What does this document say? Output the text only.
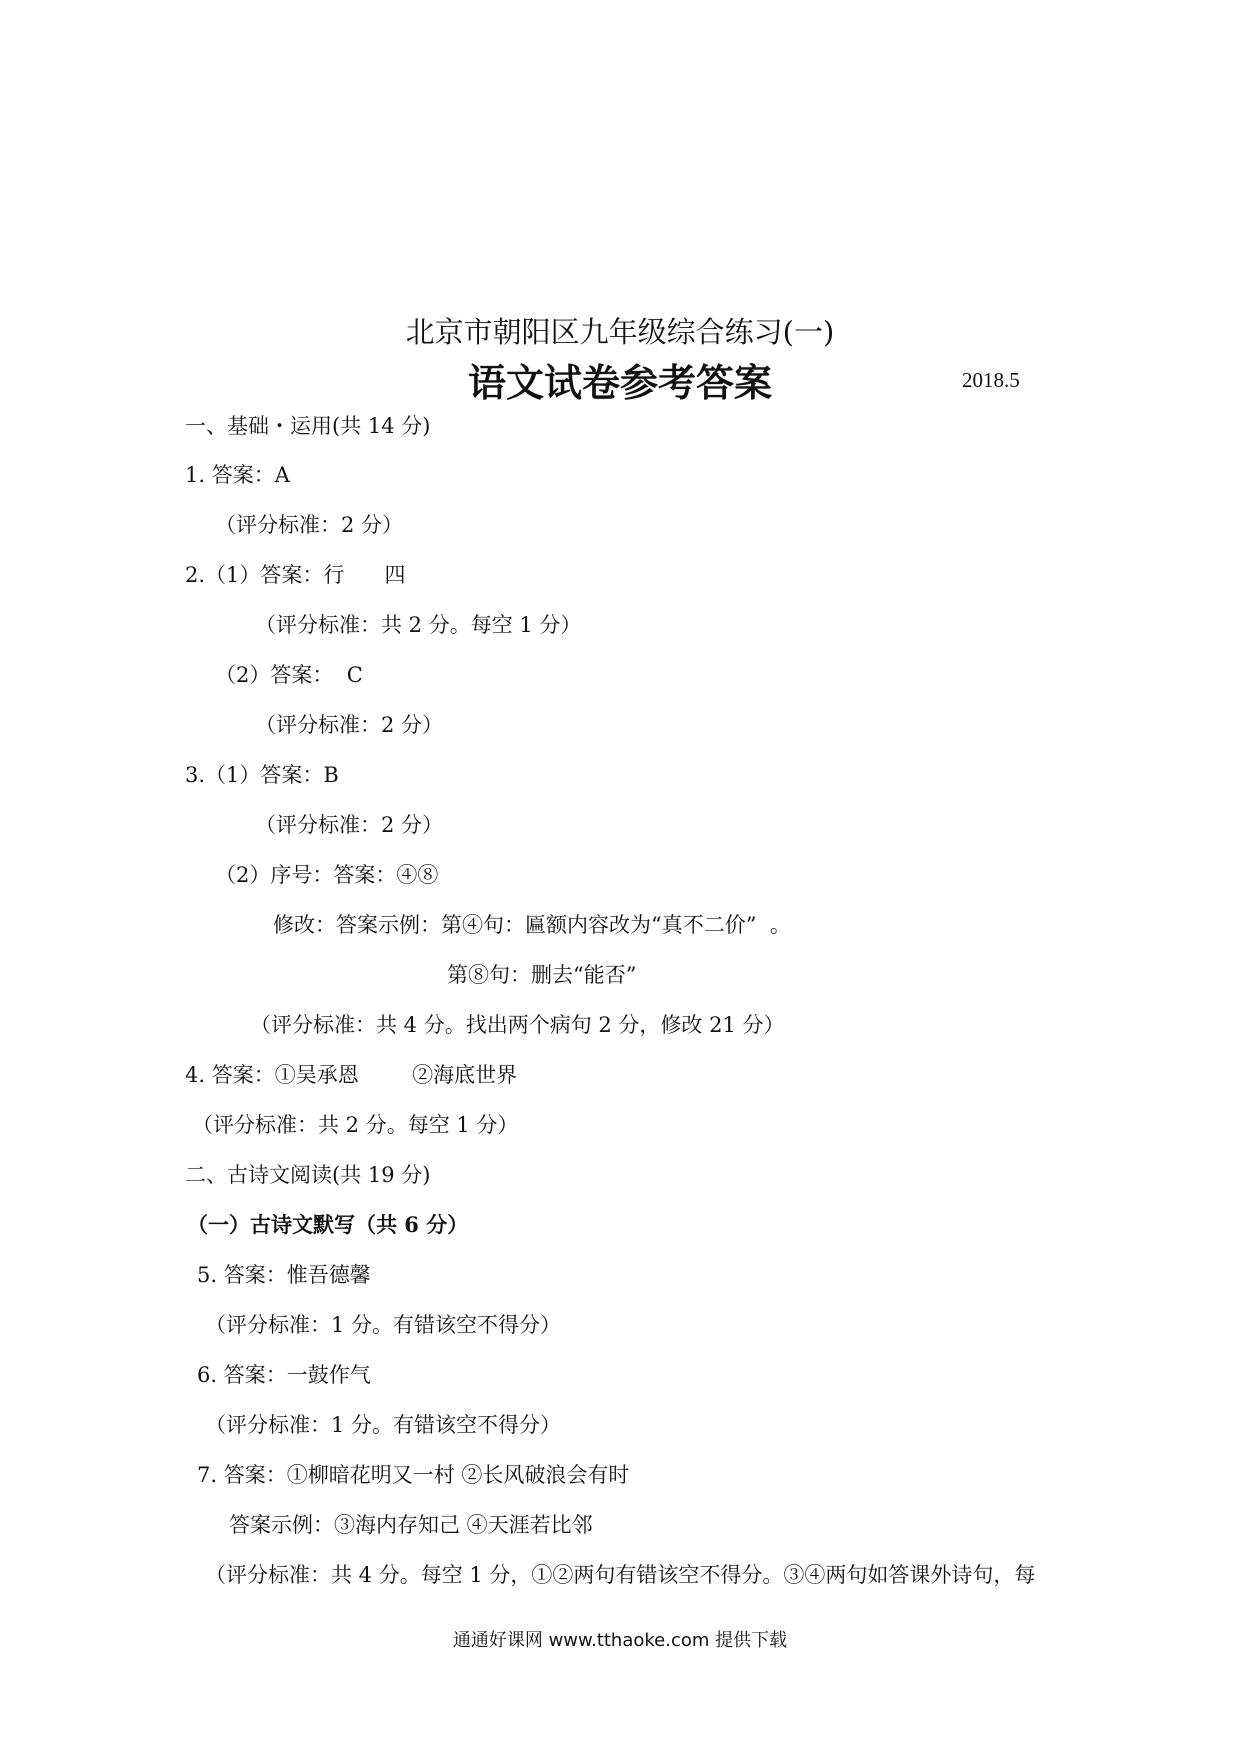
北京市朝阳区九年级综合练习(一)
语文试卷参考答案	2018.5
一、基础・运用(共 14 分)
1. 答案：A
（评分标准：2 分）
2.（1）答案：行      四
（评分标准：共 2 分。每空 1 分）
（2）答案：  C
（评分标准：2 分）
3.（1）答案：B
（评分标准：2 分）
（2）序号：答案：④⑧
修改：答案示例：第④句：匾额内容改为“真不二价”  。
第⑧句：删去“能否”
（评分标准：共 4 分。找出两个病句 2 分，修改 21 分）
4. 答案：①吴承恩        ②海底世界
（评分标准：共 2 分。每空 1 分）
二、古诗文阅读(共 19 分)
（一）古诗文默写（共 6 分）
5. 答案：惟吾德馨
（评分标准：1 分。有错该空不得分）
6. 答案：一鼓作气
（评分标准：1 分。有错该空不得分）
7. 答案：①柳暗花明又一村 ②长风破浪会有时
答案示例：③海内存知己 ④天涯若比邻
（评分标准：共 4 分。每空 1 分，①②两句有错该空不得分。③④两句如答课外诗句，每
通通好课网 www.tthaoke.com 提供下载
